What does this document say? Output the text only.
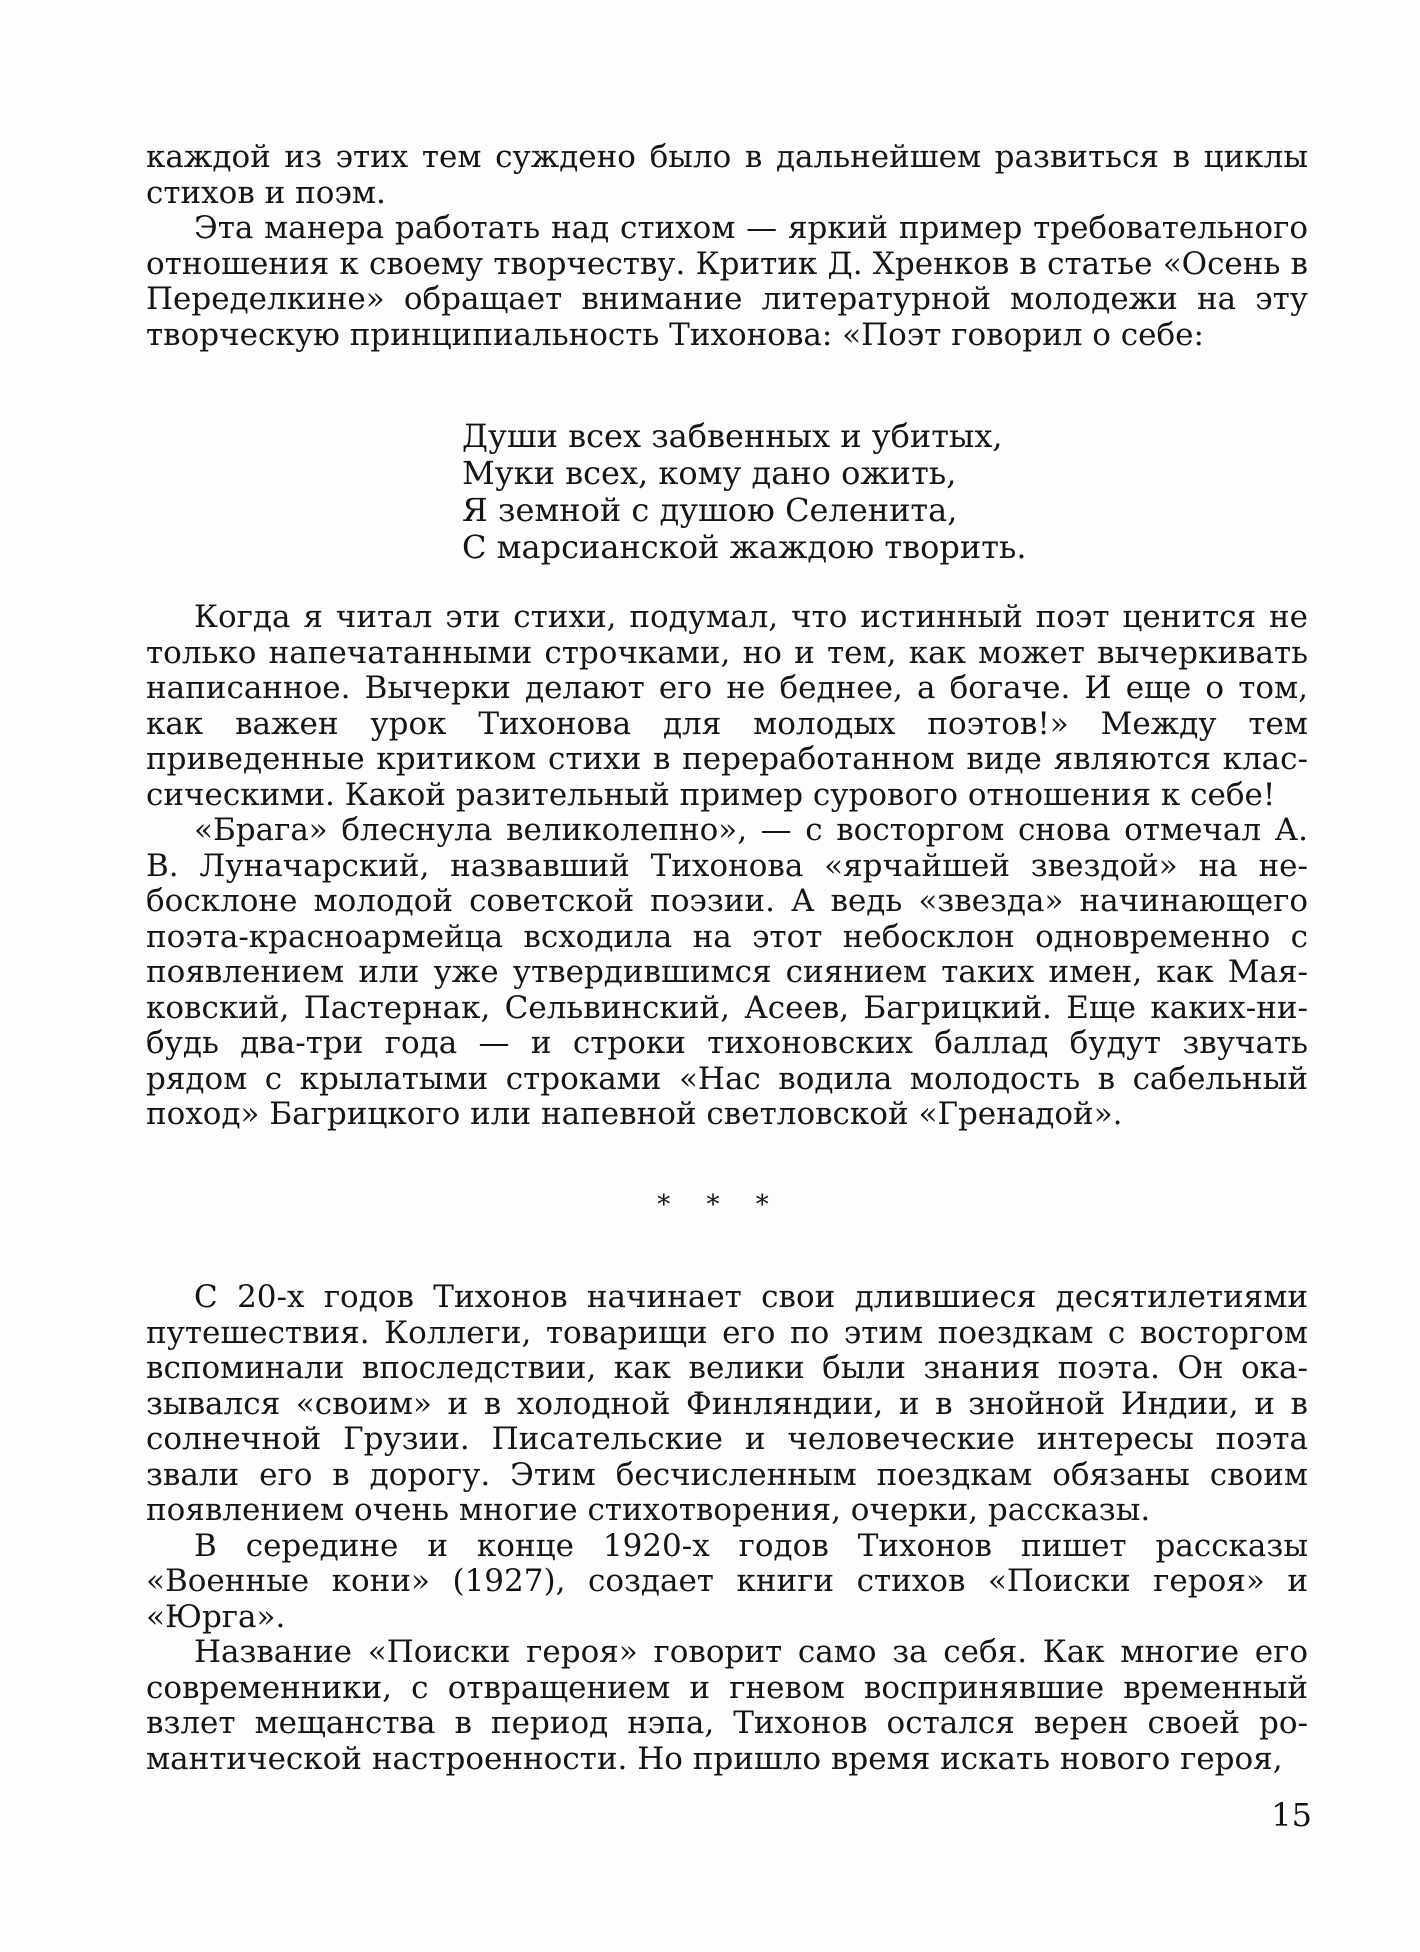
каждой из этих тем суждено было в дальнейшем развиться в циклы стихов и поэм.

Эта манера работать над стихом — яркий пример требовательного отношения к своему творчеству. Критик Д. Хренков в статье «Осень в Переделкине» обращает внимание литературной молодежи на эту творческую принципиальность Тихонова: «Поэт говорил о себе:

Души всех забвенных и убитых,
Муки всех, кому дано ожить,
Я земной с душою Селенита,
С марсианской жаждою творить.

Когда я читал эти стихи, подумал, что истинный поэт ценится не только напечатанными строчками, но и тем, как может вычеркивать написанное. Вычерки делают его не беднее, а богаче. И еще о том, как важен урок Тихонова для молодых поэтов!» Между тем приведенные критиком стихи в переработанном виде являются классическими. Какой разительный пример сурового отношения к себе!

«Брага» блеснула великолепно», — с восторгом снова отмечал А. В. Луначарский, назвавший Тихонова «ярчайшей звездой» на небосклоне молодой советской поэзии. А ведь «звезда» начинающего поэта-красноармейца всходила на этот небосклон одновременно с появлением или уже утвердившимся сиянием таких имен, как Маяковский, Пастернак, Сельвинский, Асеев, Багрицкий. Еще каких-нибудь два-три года — и строки тихоновских баллад будут звучать рядом с крылатыми строками «Нас водила молодость в сабельный поход» Багрицкого или напевной светловской «Гренадой».

* * *

С 20-х годов Тихонов начинает свои длившиеся десятилетиями путешествия. Коллеги, товарищи его по этим поездкам с восторгом вспоминали впоследствии, как велики были знания поэта. Он оказывался «своим» и в холодной Финляндии, и в знойной Индии, и в солнечной Грузии. Писательские и человеческие интересы поэта звали его в дорогу. Этим бесчисленным поездкам обязаны своим появлением очень многие стихотворения, очерки, рассказы.

В середине и конце 1920-х годов Тихонов пишет рассказы «Военные кони» (1927), создает книги стихов «Поиски героя» и «Юрга».

Название «Поиски героя» говорит само за себя. Как многие его современники, с отвращением и гневом воспринявшие временный взлет мещанства в период нэпа, Тихонов остался верен своей романтической настроенности. Но пришло время искать нового героя,

15
